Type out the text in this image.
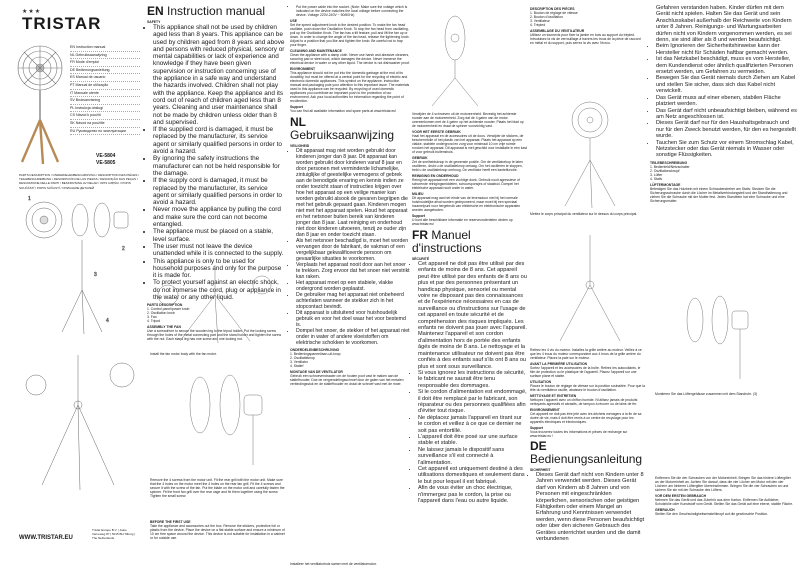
★★★
TRISTAR
EN Instruction manual
NL Gebruiksaanwijzing
FR Mode d'emploi
DE Bedienungsanleitung
ES Manual de usuario
PT Manual de utilização
IT Manuale utente
SV Bruksanvisning
PL Instrukcja obsługi
CS Návod k použití
SK Návod na použitie
RU Руководство по эксплуатации
VE-5804
VE-5805
PARTS DESCRIPTION / ONDERDELENBESCHRIJVING / DESCRIPTION DES PIÈCES / TEILEBESCHREIBUNG / DESCRIPCIÓN DE LAS PIEZAS / DESCRIÇÃO DAS PEÇAS / DESCRIZIONE DELLE PARTI / BESKRIVNING AV DELAR / OPIS CZĘŚCI / POPIS SOUČÁSTÍ / POPIS SÚČASTÍ / ОПИСАНИЕ ДЕТАЛЕЙ
1
2
3
4
WWW.TRISTAR.EU
Tristar Europe B.V. | Jules Verneweg 87 | 5015 BH Tilburg | The Netherlands
EN Instruction manual
SAFETY
• This appliance shall not be used by children aged less than 8 years. This appliance can be used by children aged from 8 years and above and persons with reduced physical, sensory or mental capabilities or lack of experience and knowledge if they have been given supervision or instruction concerning use of the appliance in a safe way and understand the hazards involved. Children shall not play with the appliance. Keep the appliance and its cord out of reach of children aged less than 8 years. Cleaning and user maintenance shall not be made by children unless older than 8 and supervised.
• If the supplied cord is damaged, it must be replaced by the manufacturer, its service agent or similarly qualified persons in order to avoid a hazard.
• By ignoring the safety instructions the manufacturer can not be held responsible for the damage.
• If the supply cord is damaged, it must be replaced by the manufacturer, its service agent or similarly qualified persons in order to avoid a hazard.
• Never move the appliance by pulling the cord and make sure the cord can not become entangled.
• The appliance must be placed on a stable, level surface.
• The user must not leave the device unattended while it is connected to the supply.
• This appliance is only to be used for household purposes and only for the purpose it is made for.
• To protect yourself against an electric shock, do not immerse the cord, plug or appliance in the water or any other liquid.
PARTS DESCRIPTION
1. Control panel/power knob
2. Oscillation knob
3. Fan
4. Tripod
ASSEMBLY THE FAN
Use a screwdriver to secure the wooden leg to the tripod holder. Put the locking screw through the holes of the metal connecting part and the stand holder and tighten the screw with the nut. Each stand leg has one screw and one locking nut.
Install the fan motor body with the fan motor.
Remove the 4 screws from the motor unit. Fit the rear grill with the motor unit. Make sure that the 4 holes on the motor meet the 4 holes on the rear fan grill. Fit the 4 screws and secure it with the screw of the fan. Put the blade on the motor unit and carefully fasten the spinner. Fit the front fan grill over the rear cage and fix them together using the screw. Tighten the small screw.
BEFORE THE FIRST USE
Take the appliance and accessories out the box. Remove the stickers, protective foil or plastic from the device. Place the device on a flat stable surface and ensure a minimum of 10 cm free space around the device. This device is not suitable for installation in a cabinet or for outside use.
• Put the power cable into the socket. (Note: Make sure the voltage which is indicated on the device matches the local voltage before connecting the device. Voltage 220V-240V ~ 50/60Hz)
USE
Set the speed adjustment knob to the desired position. To make the fan head oscillate, push down the Oscillation Knob. To stop the fan head from oscillating, pull up the Oscillation Knob. The fan has a tilt feature, pull and lift the fan up or down. In order to change the angle of the fan head, release the tightening knob. Adjust to a position that you like and tighten the knob. Be careful not to trap your finger.
CLEANING AND MAINTENANCE
Clean the appliance with a damp cloth. Never use harsh and abrasive cleaners, scouring pad or steel wool, which damages the device. Never immerse the electrical device in water or any other liquid. The device is not dishwasher proof.
ENVIRONMENT
This appliance should not be put into the domestic garbage at the end of its durability, but must be offered at a central point for the recycling of electric and electronic domestic appliances. This symbol on the appliance, instruction manual and packaging puts your attention to this important issue. The materials used in this appliance can be recycled. By recycling of used domestic appliances you contribute an important push to the protection of our environment. Ask your local authorities for information regarding the point of recollection.
Support
You can find all available information and spare parts at www.tristar.eu!
NL Gebruiksaanwijzing
VEILIGHEID
• Dit apparaat mag niet worden gebruikt door kinderen jonger dan 8 jaar. Dit apparaat kan worden gebruikt door kinderen vanaf 8 jaar en door personen met verminderde lichamelijke, zintuiglijke of geestelijke vermogens of gebrek aan de benodigde ervaring en kennis indien ze onder toezicht staan of instructies krijgen over hoe het apparaat op een veilige manier kan worden gebruikt alsook de gevaren begrijpen die met het gebruik gepaard gaan. Kinderen mogen niet met het apparaat spelen. Houd het apparaat en het netsnoer buiten bereik van kinderen jonger dan 8 jaar. Laat reiniging en onderhoud niet door kinderen uitvoeren, tenzij ze ouder zijn dan 8 jaar en onder toezicht staan.
• Als het netsnoer beschadigd is, moet het worden vervangen door de fabrikant, de vakman of een vergelijkbaar gekwalificeerde persoon om gevaarlijke situaties te voorkomen.
• Verplaats het apparaat nooit door aan het snoer te trekken. Zorg ervoor dat het snoer niet verstrikt kan raken.
• Het apparaat moet op een stabiele, vlakke ondergrond worden geplaatst.
• De gebruiker mag het apparaat niet onbeheerd achterlaten wanneer de stekker zich in het stopcontact bevindt.
• Dit apparaat is uitsluitend voor huishoudelijk gebruik en voor het doel waar het voor bestemd is.
• Dompel het snoer, de stekker of het apparaat niet onder in water of andere vloeistoffen om elektrische schokken te voorkomen.
ONDERDELENBESCHRIJVING
1. Bedieningspaneel/aan-uit-knop
2. Oscillatieknop
3. Ventilator
4. Statief
MONTAGE VAN DE VENTILATOR
Gebruik een schroevendraaier om de houten poot vast te maken aan de statiefhouder. Doe de vergrendelingsschroef door de gaten van het metalen verbindingsstuk en de statiefhouder en draai de schroef vast met de moer.
Installeer het ventilatorhuis samen met de ventilatormotor.
Verwijder de 4 schroeven uit de motoreenheid. Bevestig het achterste rooster aan de motoreenheid. Zorg dat de 4 gaten van de motor overeenkomen met de 4 gaten op het achterste rooster. Plaats het blad op de motoreenheid en draai de spinner voorzichtig vast.
VOOR HET EERSTE GEBRUIK
Haal het apparaat en de accessoires uit de doos. Verwijder de stickers, de beschermfolie of het plastic van het apparaat. Plaats het apparaat op een vlakke, stabiele ondergrond en zorg voor minimaal 10 cm vrije ruimte rondom het apparaat. Dit apparaat is niet geschikt voor installatie in een kast of voor gebruik buitenshuis.
GEBRUIK
Zet de snelheidsknop in de gewenste positie. Om de ventilatorkop te laten oscilleren, drukt u de oscillatieknop omlaag. Om het oscilleren te stoppen, trekt u de oscillatieknop omhoog. De ventilator heeft een kantelfunctie.
REINIGING EN ONDERHOUD
Reinig het apparaat met een vochtige doek. Gebruik nooit agressieve of schurende reinigingsmiddelen, schuursponsjes of staalwol. Dompel het elektrische apparaat nooit onder in water.
MILIEU
Dit apparaat mag aan het einde van de levensduur niet bij het normale huishoudelijke afval worden gedeponeerd, maar moet bij een speciaal inzamelpunt voor hergebruik van elektrische en elektronische apparaten worden aangeboden.
Support
U kunt alle beschikbare informatie en reserveonderdelen vinden op www.tristar.eu!
FR Manuel d'instructions
SÉCURITÉ
• Cet appareil ne doit pas être utilisé par des enfants de moins de 8 ans. Cet appareil peut être utilisé par des enfants de 8 ans ou plus et par des personnes présentant un handicap physique, sensoriel ou mental voire ne disposant pas des connaissances et de l'expérience nécessaires en cas de surveillance ou d'instructions sur l'usage de cet appareil en toute sécurité et de compréhension des risques impliqués. Les enfants ne doivent pas jouer avec l'appareil. Maintenez l'appareil et son cordon d'alimentation hors de portée des enfants âgés de moins de 8 ans. Le nettoyage et la maintenance utilisateur ne doivent pas être confiés à des enfants sauf s'ils ont 8 ans ou plus et sont sous surveillance.
• Si vous ignorez les instructions de sécurité, le fabricant ne saurait être tenu responsable des dommages.
• Si le cordon d'alimentation est endommagé, il doit être remplacé par le fabricant, son réparateur ou des personnes qualifiées afin d'éviter tout risque.
• Ne déplacez jamais l'appareil en tirant sur le cordon et veillez à ce que ce dernier ne soit pas entortillé.
• L'appareil doit être posé sur une surface stable et stable.
• Ne laissez jamais le dispositif sans surveillance s'il est connecté à l'alimentation.
• Cet appareil est uniquement destiné à des utilisations domestiques et seulement dans le but pour lequel il est fabriqué.
• Afin de vous éviter un choc électrique, n'immergez pas le cordon, la prise ou l'appareil dans l'eau ou autre liquide.
DESCRIPTION DES PIÈCES
1. Bouton de réglage de vitesse
2. Bouton d'oscillation
3. Ventilateur
4. Trépied
ASSEMBLAGE DU VENTILATEUR
Utilisez un tournevis pour fixer la jambe en bois au support du trépied. Introduisez la vis de verrouillage à travers les trous de la pièce de raccord en métal et du support, puis serrez la vis avec l'écrou.
Mettez le corps principal du ventilateur sur le dessus du corps principal.
Retirez les 4 vis du moteur. Installez la grille arrière au moteur. Veillez à ce que les 4 trous du moteur correspondent aux 4 trous de la grille arrière du ventilateur. Placez la pale sur le moteur.
AVANT LA PREMIÈRE UTILISATION
Sortez l'appareil et les accessoires de la boîte. Retirez les autocollants, le film de protection ou le plastique de l'appareil. Placez l'appareil sur une surface plane et stable.
UTILISATION
Placez le bouton de réglage de vitesse sur la position souhaitée. Pour que la tête du ventilateur oscille, abaissez le bouton d'oscillation.
NETTOYAGE ET ENTRETIEN
Nettoyez l'appareil avec un chiffon humide. N'utilisez jamais de produits nettoyants agressifs et abrasifs, de tampon à récurer ou de laine de fer.
ENVIRONNEMENT
Cet appareil ne doit pas être jeté avec les déchets ménagers à la fin de sa durée de vie, mais il doit être remis à un centre de recyclage pour les appareils électriques et électroniques.
Support
Vous trouverez toutes les informations et pièces de rechange sur www.tristar.eu !
DE Bedienungsanleitung
SICHERHEIT
• Dieses Gerät darf nicht von Kindern unter 8 Jahren verwendet werden. Dieses Gerät darf von Kindern ab 8 Jahren und von Personen mit eingeschränkten körperlichen, sensorischen oder geistigen Fähigkeiten oder einem Mangel an Erfahrung und Kenntnissen verwendet werden, wenn diese Personen beaufsichtigt oder über den sicheren Gebrauch des Gerätes unterrichtet wurden und die damit verbundenen
Gefahren verstanden haben. Kinder dürfen mit dem Gerät nicht spielen. Halten Sie das Gerät und sein Anschlusskabel außerhalb der Reichweite von Kindern unter 8 Jahren. Reinigungs- und Wartungsarbeiten dürfen nicht von Kindern vorgenommen werden, es sei denn, sie sind älter als 8 und werden beaufsichtigt.
• Beim Ignorieren der Sicherheitshinweise kann der Hersteller nicht für Schäden haftbar gemacht werden.
• Ist das Netzkabel beschädigt, muss es vom Hersteller, dem Kundendienst oder ähnlich qualifizierten Personen ersetzt werden, um Gefahren zu vermeiden.
• Bewegen Sie das Gerät niemals durch Ziehen am Kabel und stellen Sie sicher, dass sich das Kabel nicht verwickelt.
• Das Gerät muss auf einer ebenen, stabilen Fläche platziert werden.
• Das Gerät darf nicht unbeaufsichtigt bleiben, während es am Netz angeschlossen ist.
• Dieses Gerät darf nur für den Haushaltsgebrauch und nur für den Zweck benutzt werden, für den es hergestellt wurde.
• Tauchen Sie zum Schutz vor einem Stromschlag Kabel, Netzstecker oder das Gerät niemals in Wasser oder sonstige Flüssigkeiten.
TEILEBESCHREIBUNG
1. Bedienfeld/Netzschalter
2. Oszillationsknopf
3. Lüfter
4. Stativ
LÜFTERMONTAGE
Befestigen Sie das Holzbein mit einem Schraubendreher am Stativ. Stecken Sie die Sicherungsschraube durch die Löcher im Metallverbindungsteil und der Standhalterung und ziehen Sie die Schraube mit der Mutter fest. Jedes Standbein hat eine Schraube und eine Sicherungsmutter.
Montieren Sie das Lüftergehäuse zusammen mit dem Standrohr. (3)
Entfernen Sie die vier Schrauben von der Motoreinheit. Bringen Sie das hintere Lüftergitter an der Motoreinheit an. Achten Sie darauf, dass die vier Löcher am Motor mit den vier Löchern am hinteren Lüftergitter übereinstimmen. Bringen Sie die vier Schrauben an und sichern Sie sie mit der Schraube des Lüfters.
VOR DEM ERSTEN GEBRAUCH
Nehmen Sie das Gerät und das Zubehör aus dem Karton. Entfernen Sie Aufkleber, Schutzfolie oder Kunststoff vom Gerät. Stellen Sie das Gerät auf eine ebene, stabile Fläche.
GEBRAUCH
Stellen Sie den Geschwindigkeitseinstellknopf auf die gewünschte Position.
